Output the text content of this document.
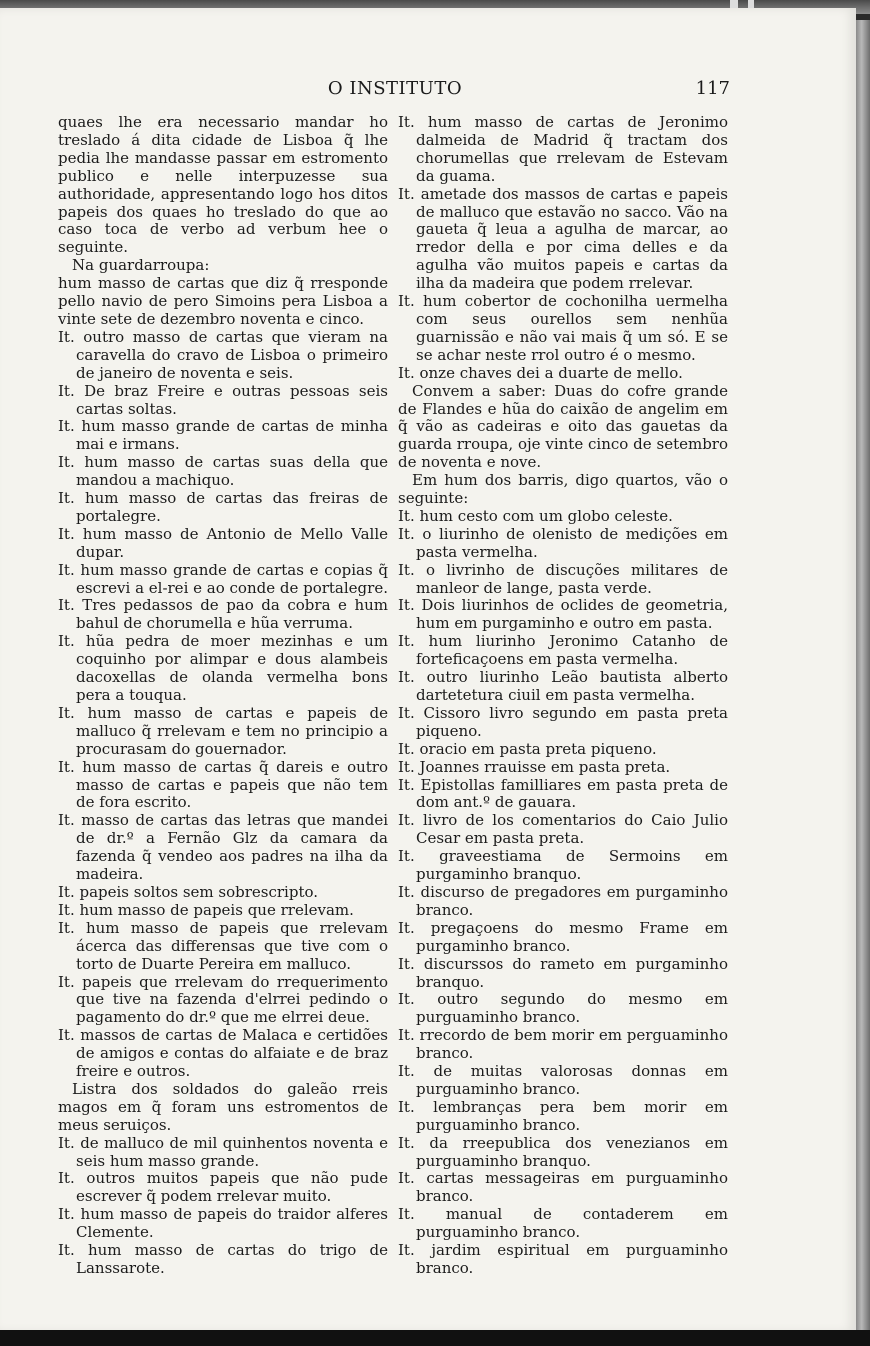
O INSTITUTO	117

quaes lhe era necessario mandar ho treslado á dita cidade de Lisboa q̃ lhe pedia lhe mandasse passar em estromento publico e nelle interpuzesse sua authoridade, appresentando logo hos ditos papeis dos quaes ho treslado do que ao caso toca de verbo ad verbum hee o seguinte.

Na guardarroupa:

hum masso de cartas que diz q̃ rresponde pello navio de pero Simoins pera Lisboa a vinte sete de dezembro noventa e cinco.

It. outro masso de cartas que vieram na caravella do cravo de Lisboa o primeiro de janeiro de noventa e seis.

It. De braz Freire e outras pessoas seis cartas soltas.

It. hum masso grande de cartas de minha mai e irmans.

It. hum masso de cartas suas della que mandou a machiquo.

It. hum masso de cartas das freiras de portalegre.

It. hum masso de Antonio de Mello Valle dupar.

It. hum masso grande de cartas e copias q̃ escrevi a el-rei e ao conde de portalegre.

It. Tres pedassos de pao da cobra e hum bahul de chorumella e hũa verruma.

It. hũa pedra de moer mezinhas e um coquinho por alimpar e dous alambeis dacoxellas de olanda vermelha bons pera a touqua.

It. hum masso de cartas e papeis de malluco q̃ rrelevam e tem no principio a procurasam do gouernador.

It. hum masso de cartas q̃ dareis e outro masso de cartas e papeis que não tem de fora escrito.

It. masso de cartas das letras que mandei de dr.º a Fernão Glz da camara da fazenda q̃ vendeo aos padres na ilha da madeira.

It. papeis soltos sem sobrescripto.

It. hum masso de papeis que rrelevam.

It. hum masso de papeis que rrelevam ácerca das differensas que tive com o torto de Duarte Pereira em malluco.

It. papeis que rrelevam do rrequerimento que tive na fazenda d'elrrei pedindo o pagamento do dr.º que me elrrei deue.

It. massos de cartas de Malaca e certidões de amigos e contas do alfaiate e de braz freire e outros.

Listra dos soldados do galeão rreis magos em q̃ foram uns estromentos de meus seruiços.

It. de malluco de mil quinhentos noventa e seis hum masso grande.

It. outros muitos papeis que não pude escrever q̃ podem rrelevar muito.

It. hum masso de papeis do traidor alferes Clemente.

It. hum masso de cartas do trigo de Lanssarote.

It. hum masso de cartas de Jeronimo dalmeida de Madrid q̃ tractam dos chorumellas que rrelevam de Estevam da guama.

It. ametade dos massos de cartas e papeis de malluco que estavão no sacco. Vão na gaueta q̃ leua a agulha de marcar, ao rredor della e por cima delles e da agulha vão muitos papeis e cartas da ilha da madeira que podem rrelevar.

It. hum cobertor de cochonilha uermelha com seus ourellos sem nenhũa guarnissão e não vai mais q̃ um só. E se se achar neste rrol outro é o mesmo.

It. onze chaves dei a duarte de mello.

Convem a saber: Duas do cofre grande de Flandes e hũa do caixão de angelim em q̃ vão as cadeiras e oito das gauetas da guarda rroupa, oje vinte cinco de setembro de noventa e nove.

Em hum dos barris, digo quartos, vão o seguinte:

It. hum cesto com um globo celeste.

It. o liurinho de olenisto de medições em pasta vermelha.

It. o livrinho de discuções militares de manleor de lange, pasta verde.

It. Dois liurinhos de oclides de geometria, hum em purgaminho e outro em pasta.

It. hum liurinho Jeronimo Catanho de forteficaçoens em pasta vermelha.

It. outro liurinho Leão bautista alberto dartetetura ciuil em pasta vermelha.

It. Cissoro livro segundo em pasta preta piqueno.

It. oracio em pasta preta piqueno.

It. Joannes rrauisse em pasta preta.

It. Epistollas familliares em pasta preta de dom ant.º de gauara.

It. livro de los comentarios do Caio Julio Cesar em pasta preta.

It. graveestiama de Sermoins em purgaminho branquo.

It. discurso de pregadores em purgaminho branco.

It. pregaçoens do mesmo Frame em purgaminho branco.

It. discurssos do rameto em purgaminho branquo.

It. outro segundo do mesmo em purguaminho branco.

It. rrecordo de bem morir em perguaminho branco.

It. de muitas valorosas donnas em purguaminho branco.

It. lembranças pera bem morir em purguaminho branco.

It. da rreepublica dos venezianos em purguaminho branquo.

It. cartas messageiras em purguaminho branco.

It. manual de contaderem em purguaminho branco.

It. jardim espiritual em purguaminho branco.
